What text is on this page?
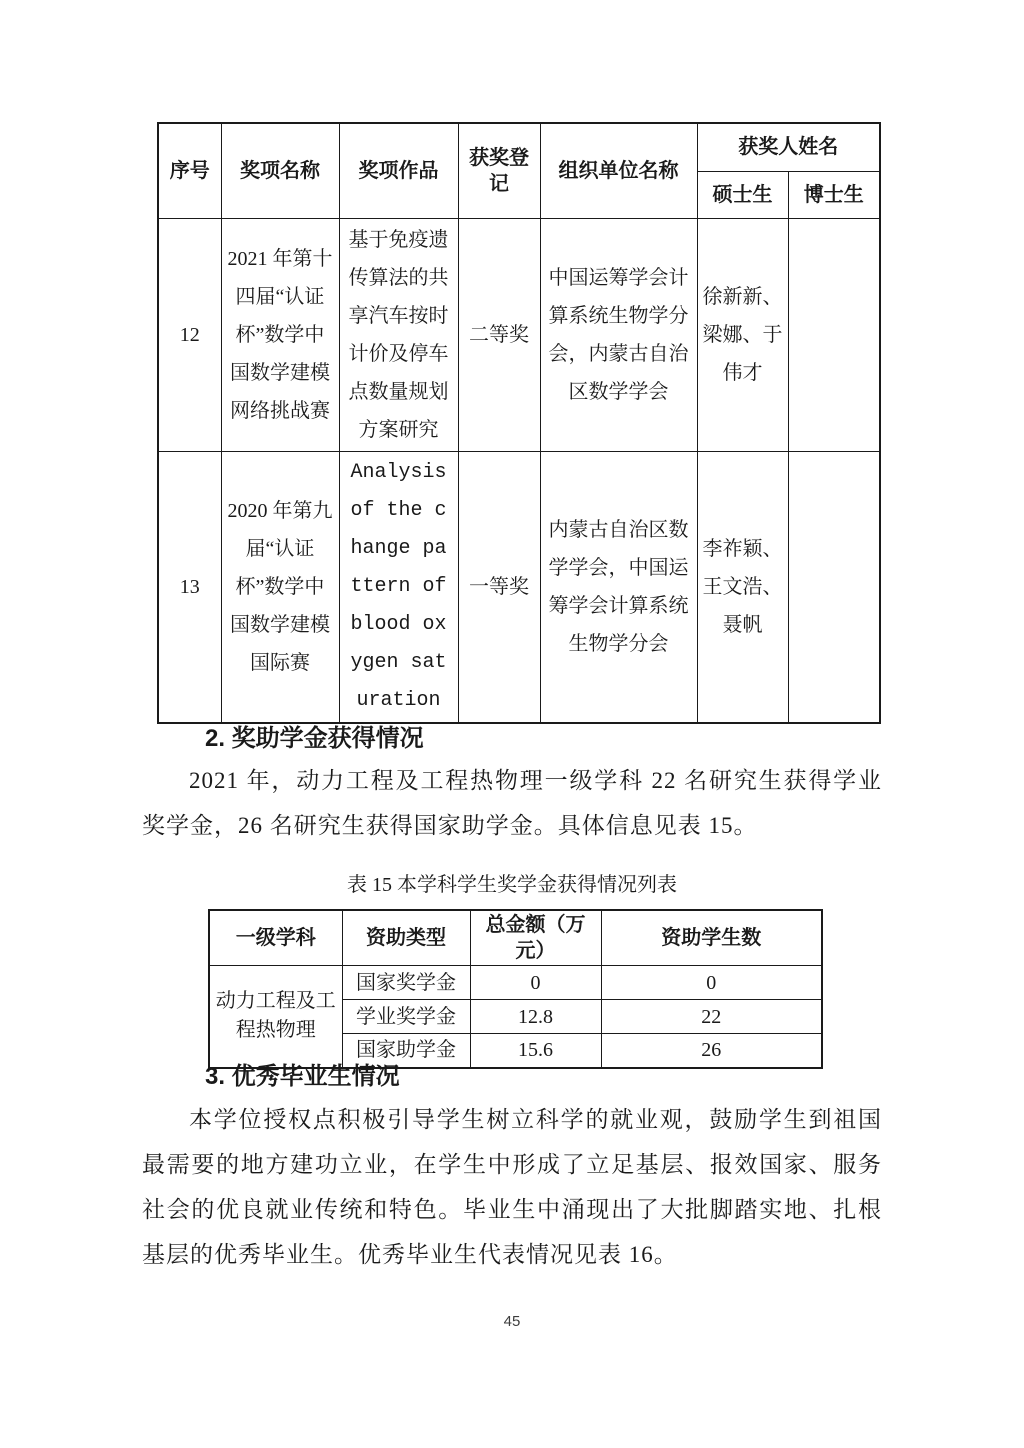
序号	奖项名称	奖项作品	获奖登记	组织单位名称	获奖人姓名	
					硕士生	博士生
12	2021 年第十四届“认证杯”数学中国数学建模网络挑战赛	基于免疫遗传算法的共享汽车按时计价及停车点数量规划 方案研究	二等奖	中国运筹学会计算系统生物学分会，内蒙古自治区数学学会	徐新新、梁娜、于伟才	
13	2020 年第九届“认证杯”数学中国数学建模国际赛	Analysis of the change pattern of blood oxygen saturation	一等奖	内蒙古自治区数学学会，中国运筹学会计算系统生物学分会	李祚颖、王文浩、聂帆	
2. 奖助学金获得情况
2021 年，动力工程及工程热物理一级学科 22 名研究生获得学业奖学金，26 名研究生获得国家助学金。具体信息见表 15。
表 15 本学科学生奖学金获得情况列表
一级学科	资助类型	总金额（万元）	资助学生数
动力工程及工程热物理	国家奖学金	0	0
	学业奖学金	12.8	22
	国家助学金	15.6	26
3. 优秀毕业生情况
本学位授权点积极引导学生树立科学的就业观，鼓励学生到祖国最需要的地方建功立业，在学生中形成了立足基层、报效国家、服务社会的优良就业传统和特色。毕业生中涌现出了大批脚踏实地、扎根基层的优秀毕业生。优秀毕业生代表情况见表 16。
45
